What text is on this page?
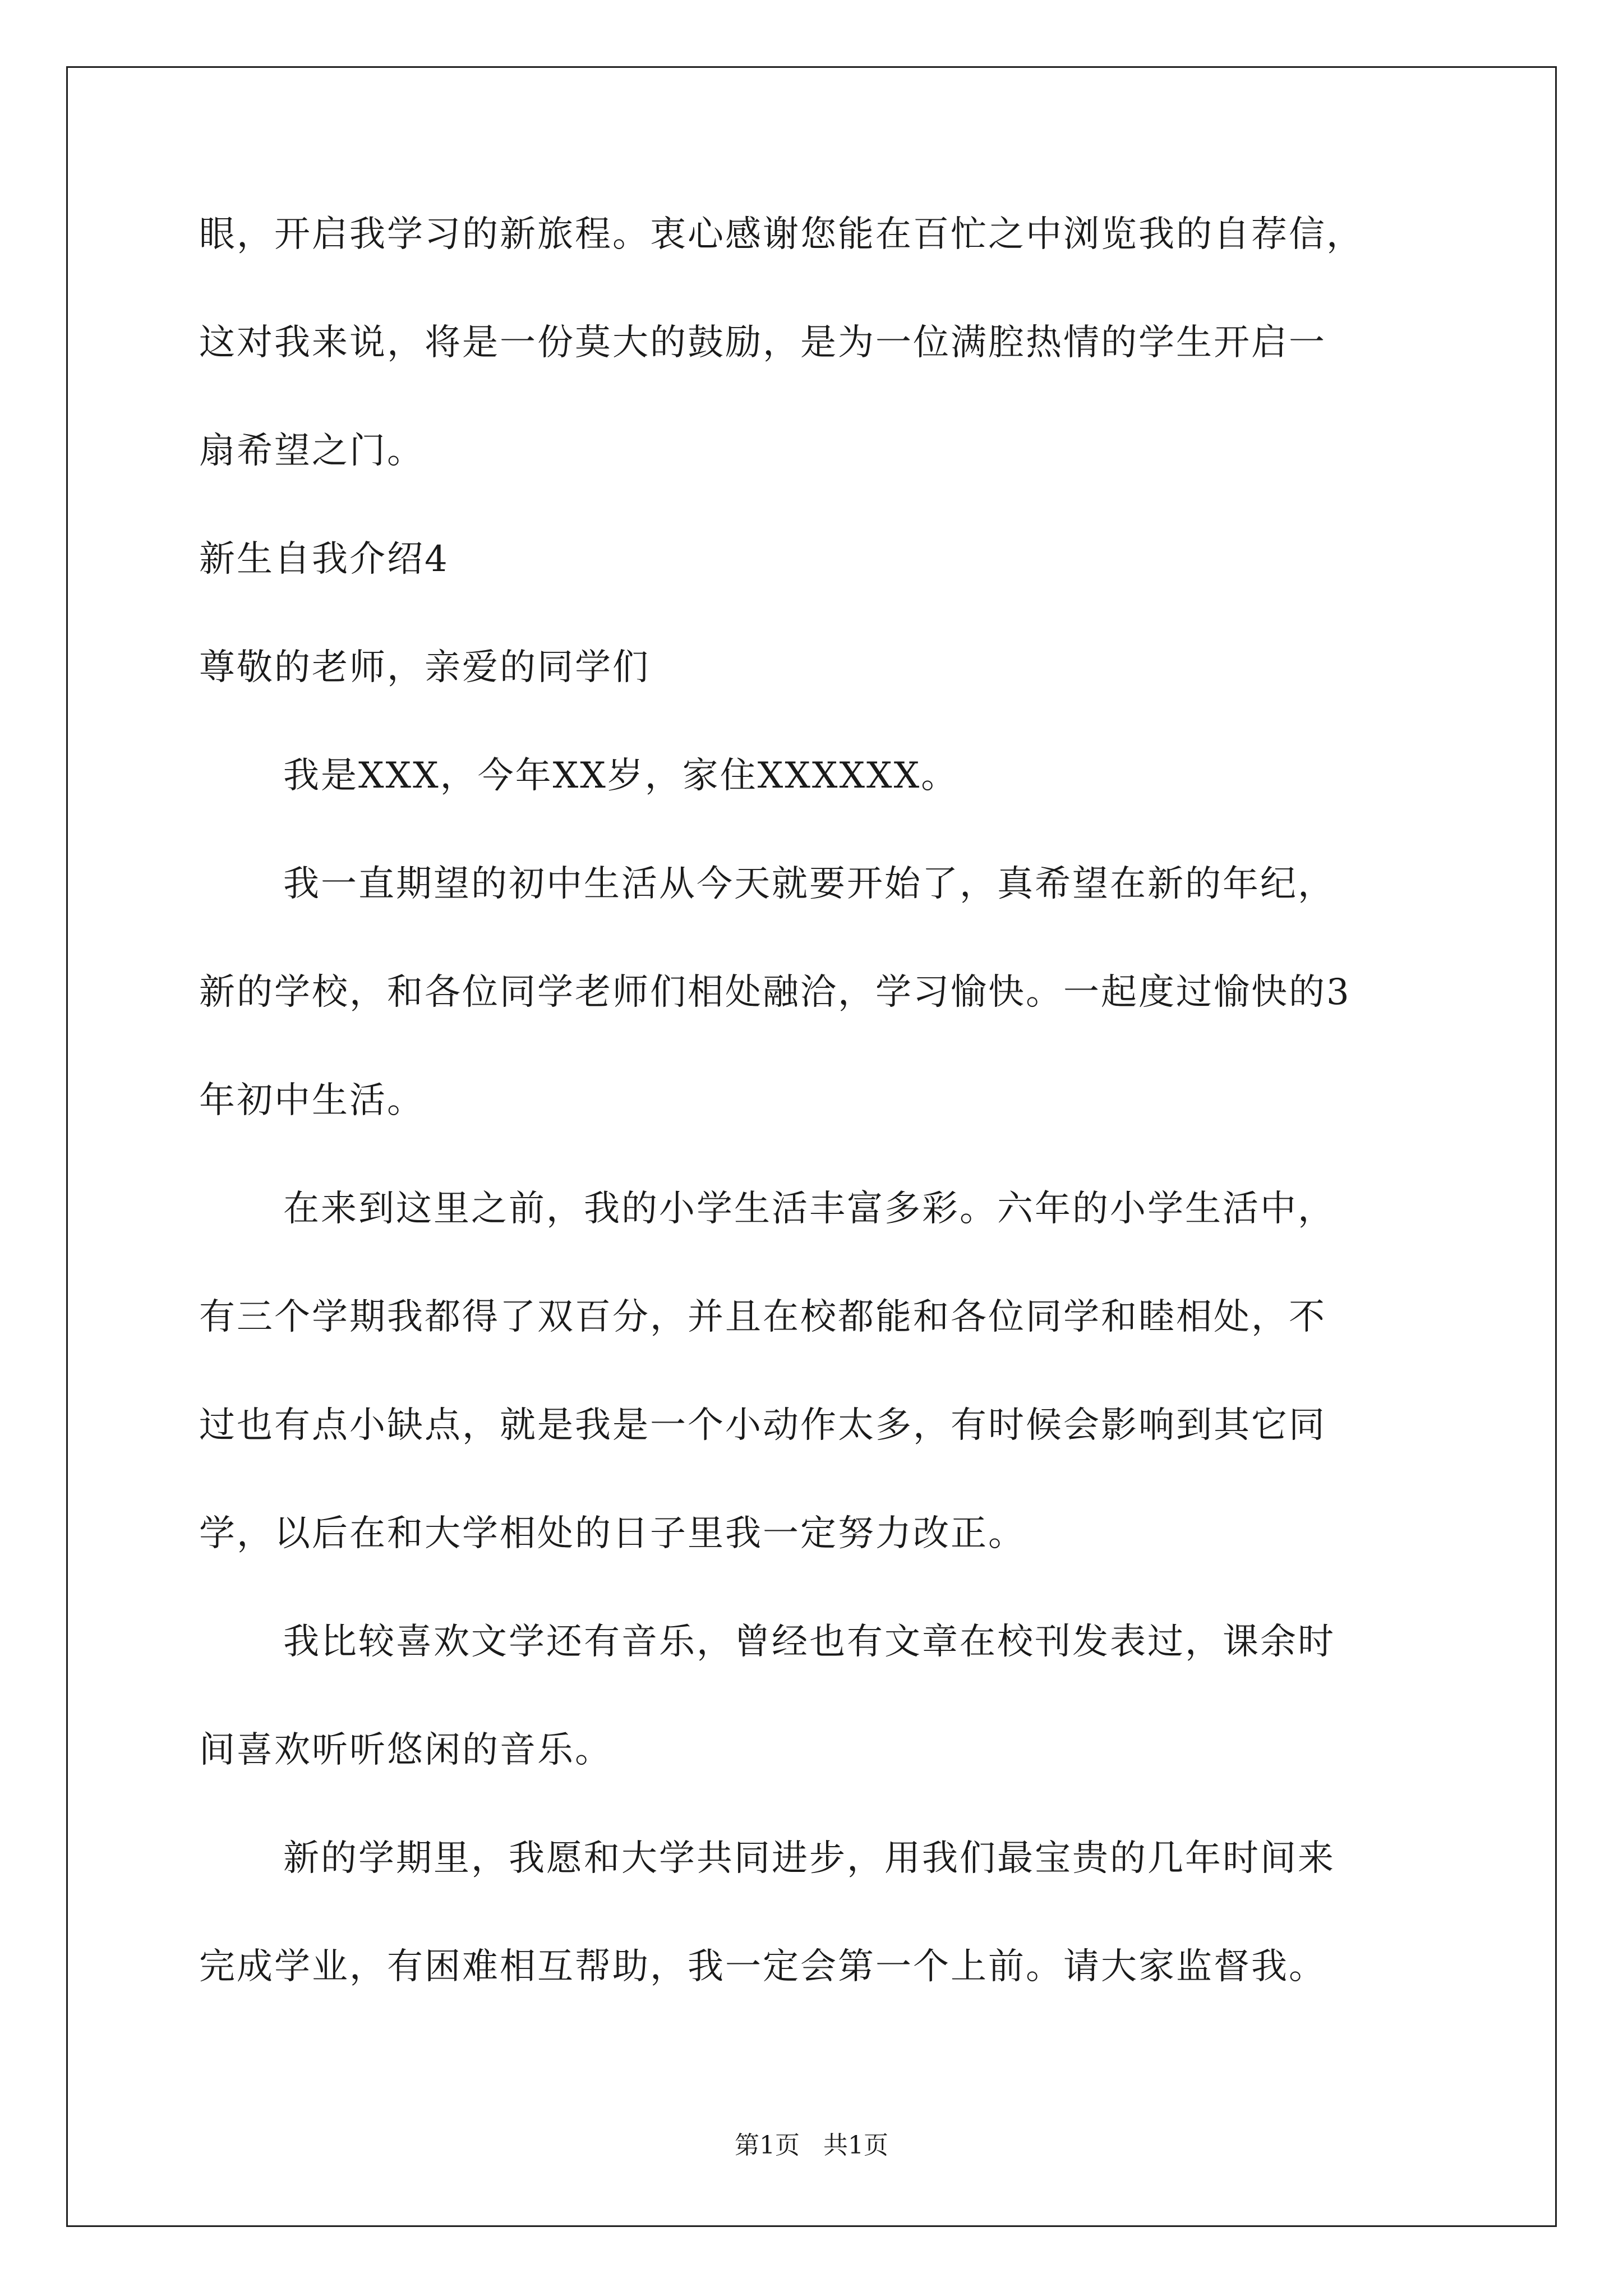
眼，开启我学习的新旅程。衷心感谢您能在百忙之中浏览我的自荐信，
这对我来说，将是一份莫大的鼓励，是为一位满腔热情的学生开启一
扇希望之门。
新生自我介绍4
尊敬的老师，亲爱的同学们
我是XXX，今年XX岁，家住XXXXXX。
我一直期望的初中生活从今天就要开始了，真希望在新的年纪，
新的学校，和各位同学老师们相处融洽，学习愉快。一起度过愉快的3
年初中生活。
在来到这里之前，我的小学生活丰富多彩。六年的小学生活中，
有三个学期我都得了双百分，并且在校都能和各位同学和睦相处，不
过也有点小缺点，就是我是一个小动作太多，有时候会影响到其它同
学，以后在和大学相处的日子里我一定努力改正。
我比较喜欢文学还有音乐，曾经也有文章在校刊发表过，课余时
间喜欢听听悠闲的音乐。
新的学期里，我愿和大学共同进步，用我们最宝贵的几年时间来
完成学业，有困难相互帮助，我一定会第一个上前。请大家监督我。
第1页   共1页
